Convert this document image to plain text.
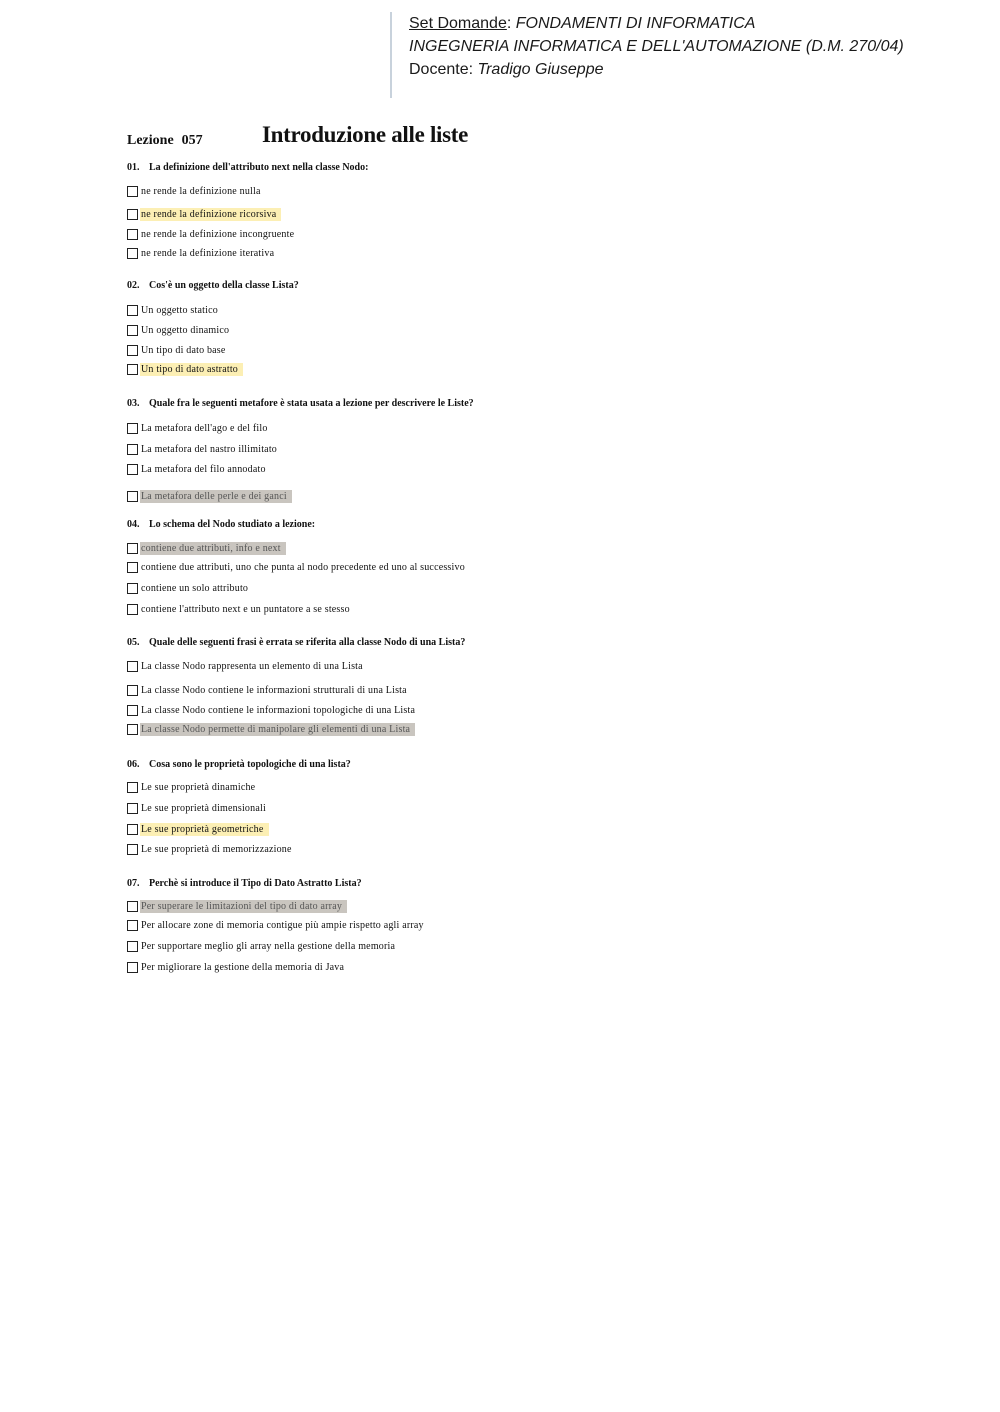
Set Domande: FONDAMENTI DI INFORMATICA
INGEGNERIA INFORMATICA E DELL'AUTOMAZIONE (D.M. 270/04)
Docente: Tradigo Giuseppe
Lezione 057	Introduzione alle liste
01. La definizione dell'attributo next nella classe Nodo:
ne rende la definizione nulla
ne rende la definizione ricorsiva
ne rende la definizione incongruente
ne rende la definizione iterativa
02. Cos'è un oggetto della classe Lista?
Un oggetto statico
Un oggetto dinamico
Un tipo di dato base
Un tipo di dato astratto
03. Quale fra le seguenti metafore è stata usata a lezione per descrivere le Liste?
La metafora dell'ago e del filo
La metafora del nastro illimitato
La metafora del filo annodato
La metafora delle perle e dei ganci
04. Lo schema del Nodo studiato a lezione:
contiene due attributi, info e next
contiene due attributi, uno che punta al nodo precedente ed uno al successivo
contiene un solo attributo
contiene l'attributo next e un puntatore a se stesso
05. Quale delle seguenti frasi è errata se riferita alla classe Nodo di una Lista?
La classe Nodo rappresenta un elemento di una Lista
La classe Nodo contiene le informazioni strutturali di una Lista
La classe Nodo contiene le informazioni topologiche di una Lista
La classe Nodo permette di manipolare gli elementi di una Lista
06. Cosa sono le proprietà topologiche di una lista?
Le sue proprietà dinamiche
Le sue proprietà dimensionali
Le sue proprietà geometriche
Le sue proprietà di memorizzazione
07. Perchè si introduce il Tipo di Dato Astratto Lista?
Per superare le limitazioni del tipo di dato array
Per allocare zone di memoria contigue più ampie rispetto agli array
Per supportare meglio gli array nella gestione della memoria
Per migliorare la gestione della memoria di Java
